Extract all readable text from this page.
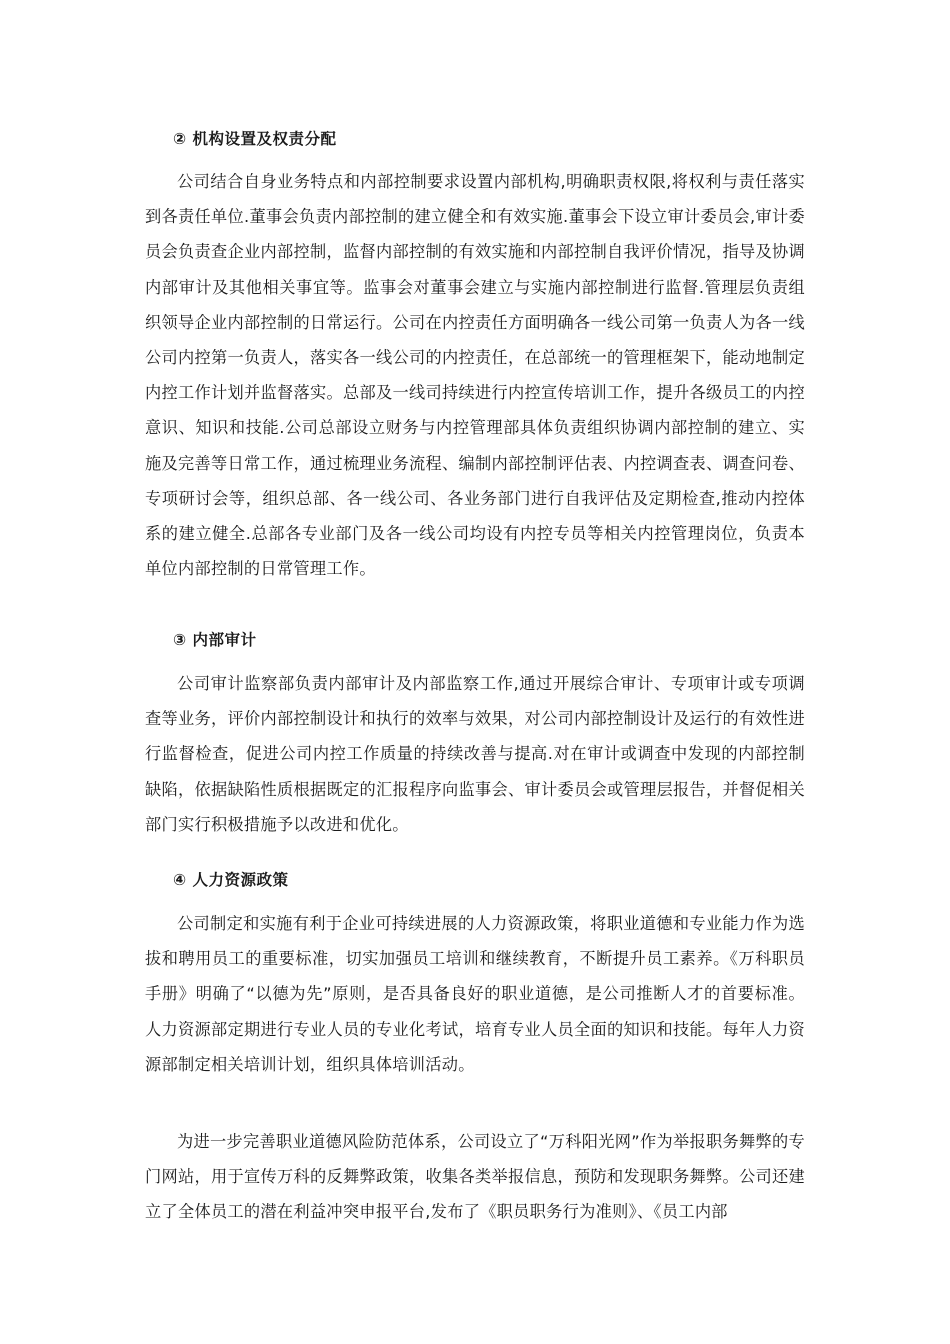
② 机构设置及权责分配
公司结合自身业务特点和内部控制要求设置内部机构,明确职责权限,将权利与责任落实到各责任单位.董事会负责内部控制的建立健全和有效实施.董事会下设立审计委员会,审计委员会负责查企业内部控制，监督内部控制的有效实施和内部控制自我评价情况，指导及协调内部审计及其他相关事宜等。监事会对董事会建立与实施内部控制进行监督.管理层负责组织领导企业内部控制的日常运行。公司在内控责任方面明确各一线公司第一负责人为各一线公司内控第一负责人，落实各一线公司的内控责任，在总部统一的管理框架下，能动地制定内控工作计划并监督落实。总部及一线司持续进行内控宣传培训工作，提升各级员工的内控意识、知识和技能.公司总部设立财务与内控管理部具体负责组织协调内部控制的建立、实施及完善等日常工作，通过梳理业务流程、编制内部控制评估表、内控调查表、调查问卷、专项研讨会等，组织总部、各一线公司、各业务部门进行自我评估及定期检查,推动内控体系的建立健全.总部各专业部门及各一线公司均设有内控专员等相关内控管理岗位，负责本单位内部控制的日常管理工作。
③ 内部审计
公司审计监察部负责内部审计及内部监察工作,通过开展综合审计、专项审计或专项调查等业务，评价内部控制设计和执行的效率与效果，对公司内部控制设计及运行的有效性进行监督检查，促进公司内控工作质量的持续改善与提高.对在审计或调查中发现的内部控制缺陷，依据缺陷性质根据既定的汇报程序向监事会、审计委员会或管理层报告，并督促相关部门实行积极措施予以改进和优化。
④ 人力资源政策
公司制定和实施有利于企业可持续进展的人力资源政策，将职业道德和专业能力作为选拔和聘用员工的重要标准，切实加强员工培训和继续教育，不断提升员工素养。《万科职员手册》明确了“以德为先”原则，是否具备良好的职业道德，是公司推断人才的首要标准。人力资源部定期进行专业人员的专业化考试，培育专业人员全面的知识和技能。每年人力资源部制定相关培训计划，组织具体培训活动。
为进一步完善职业道德风险防范体系，公司设立了“万科阳光网”作为举报职务舞弊的专门网站，用于宣传万科的反舞弊政策，收集各类举报信息，预防和发现职务舞弊。公司还建立了全体员工的潜在利益冲突申报平台,发布了《职员职务行为准则》、《员工内部
